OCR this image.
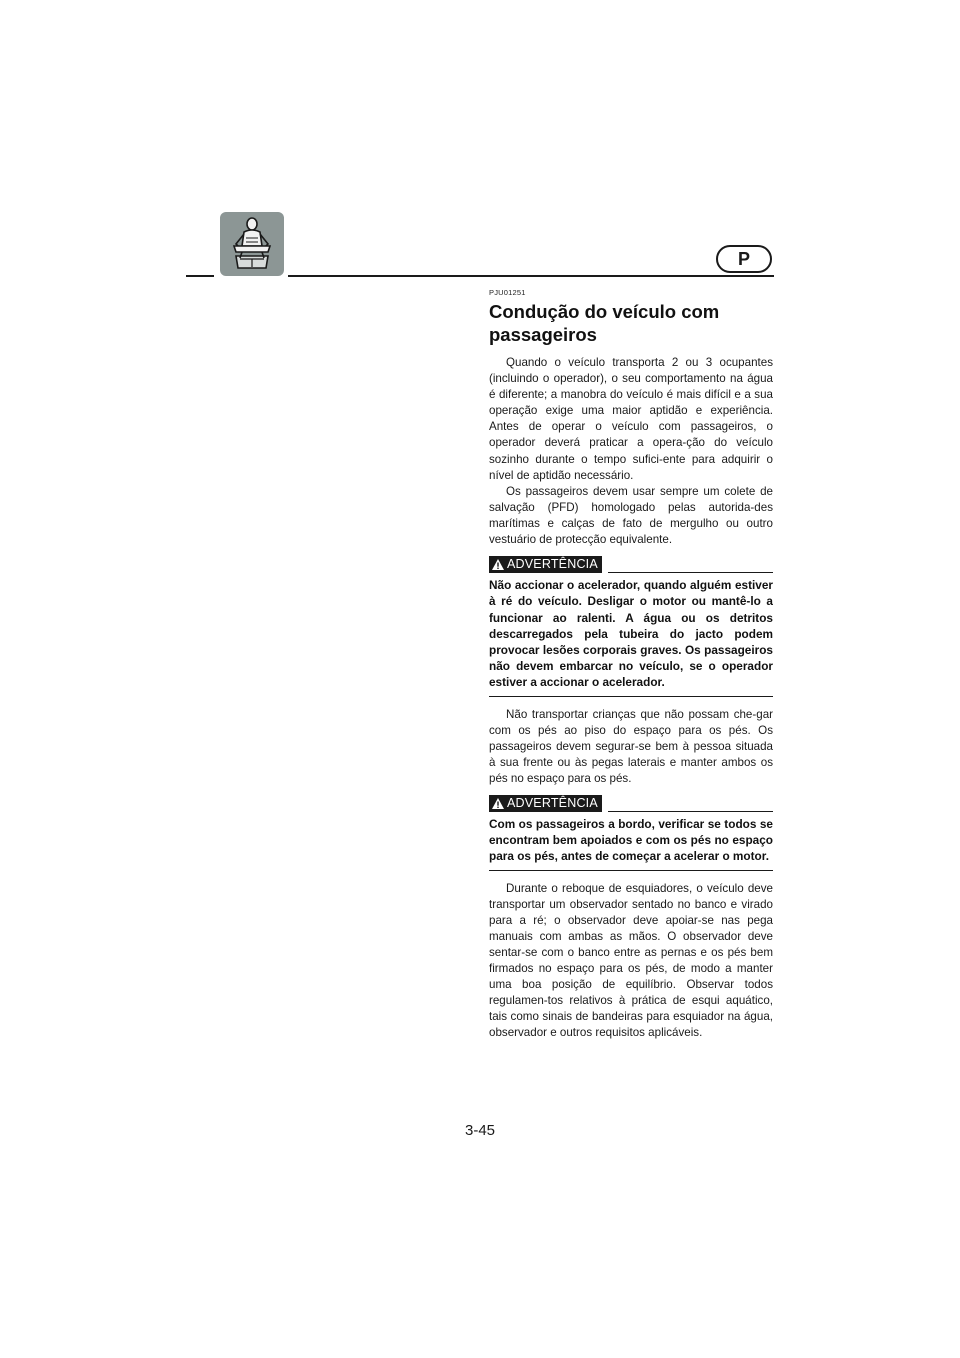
P
PJU01251
Condução do veículo com passageiros

Quando o veículo transporta 2 ou 3 ocupantes (incluindo o operador), o seu comportamento na água é diferente; a manobra do veículo é mais difícil e a sua operação exige uma maior aptidão e experiência. Antes de operar o veículo com passageiros, o operador deverá praticar a opera-ção do veículo sozinho durante o tempo sufici-ente para adquirir o nível de aptidão necessário.

Os passageiros devem usar sempre um colete de salvação (PFD) homologado pelas autorida-des marítimas e calças de fato de mergulho ou outro vestuário de protecção equivalente.

ADVERTÊNCIA

Não accionar o acelerador, quando alguém estiver à ré do veículo. Desligar o motor ou mantê-lo a funcionar ao ralenti. A água ou os detritos descarregados pela tubeira do jacto podem provocar lesões corporais graves. Os passageiros não devem embarcar no veículo, se o operador estiver a accionar o acelerador.

Não transportar crianças que não possam che-gar com os pés ao piso do espaço para os pés. Os passageiros devem segurar-se bem à pessoa situada à sua frente ou às pegas laterais e manter ambos os pés no espaço para os pés.

ADVERTÊNCIA

Com os passageiros a bordo, verificar se todos se encontram bem apoiados e com os pés no espaço para os pés, antes de começar a acelerar o motor.

Durante o reboque de esquiadores, o veículo deve transportar um observador sentado no banco e virado para a ré; o observador deve apoiar-se nas pega manuais com ambas as mãos. O observador deve sentar-se com o banco entre as pernas e os pés bem firmados no espaço para os pés, de modo a manter uma boa posição de equilíbrio. Observar todos regulamen-tos relativos à prática de esqui aquático, tais como sinais de bandeiras para esquiador na água, observador e outros requisitos aplicáveis.

3-45
